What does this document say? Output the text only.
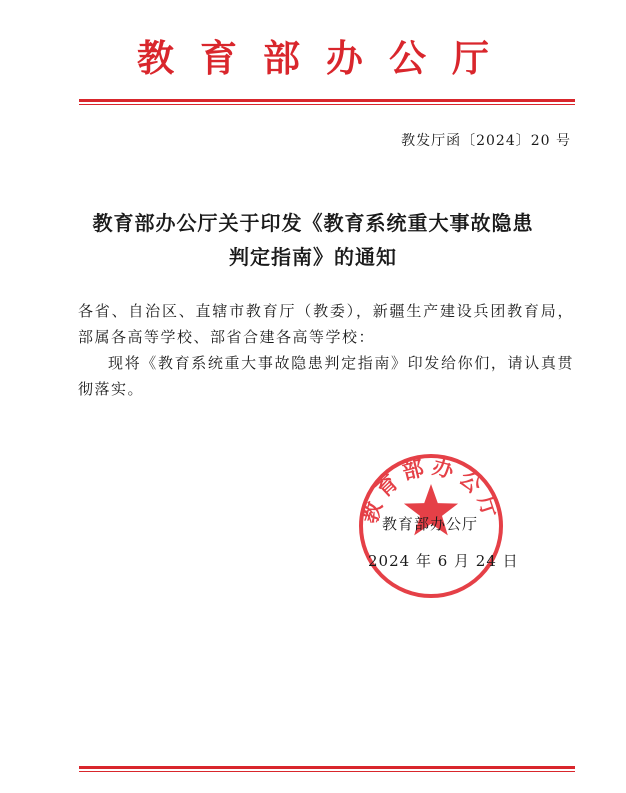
教育部办公厅
教发厅函〔2024〕20 号
教育部办公厅关于印发《教育系统重大事故隐患
判定指南》的通知

各省、自治区、直辖市教育厅（教委），新疆生产建设兵团教育局，部属各高等学校、部省合建各高等学校：

现将《教育系统重大事故隐患判定指南》印发给你们，请认真贯彻落实。

教育部办公厅
教育部办公厅
2024 年 6 月 24 日
